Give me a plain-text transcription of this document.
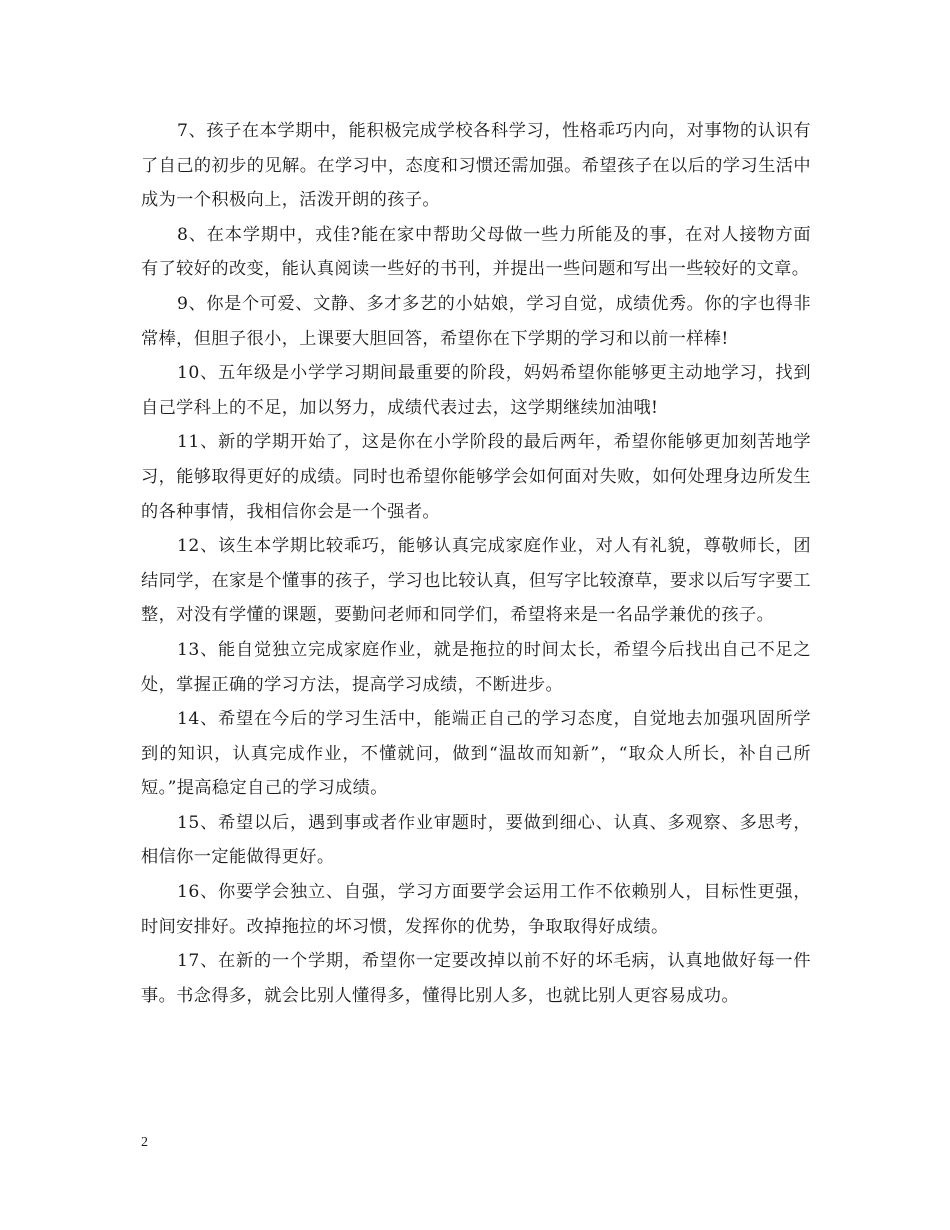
7、孩子在本学期中，能积极完成学校各科学习，性格乖巧内向，对事物的认识有了自己的初步的见解。在学习中，态度和习惯还需加强。希望孩子在以后的学习生活中成为一个积极向上，活泼开朗的孩子。

8、在本学期中，戎佳?能在家中帮助父母做一些力所能及的事，在对人接物方面有了较好的改变，能认真阅读一些好的书刊，并提出一些问题和写出一些较好的文章。

9、你是个可爱、文静、多才多艺的小姑娘，学习自觉，成绩优秀。你的字也得非常棒，但胆子很小，上课要大胆回答，希望你在下学期的学习和以前一样棒!

10、五年级是小学学习期间最重要的阶段，妈妈希望你能够更主动地学习，找到自己学科上的不足，加以努力，成绩代表过去，这学期继续加油哦!

11、新的学期开始了，这是你在小学阶段的最后两年，希望你能够更加刻苦地学习，能够取得更好的成绩。同时也希望你能够学会如何面对失败，如何处理身边所发生的各种事情，我相信你会是一个强者。

12、该生本学期比较乖巧，能够认真完成家庭作业，对人有礼貌，尊敬师长，团结同学，在家是个懂事的孩子，学习也比较认真，但写字比较潦草，要求以后写字要工整，对没有学懂的课题，要勤问老师和同学们，希望将来是一名品学兼优的孩子。

13、能自觉独立完成家庭作业，就是拖拉的时间太长，希望今后找出自己不足之处，掌握正确的学习方法，提高学习成绩，不断进步。

14、希望在今后的学习生活中，能端正自己的学习态度，自觉地去加强巩固所学到的知识，认真完成作业，不懂就问，做到“温故而知新”，“取众人所长，补自己所短。”提高稳定自己的学习成绩。

15、希望以后，遇到事或者作业审题时，要做到细心、认真、多观察、多思考，相信你一定能做得更好。

16、你要学会独立、自强，学习方面要学会运用工作不依赖别人，目标性更强，时间安排好。改掉拖拉的坏习惯，发挥你的优势，争取取得好成绩。

17、在新的一个学期，希望你一定要改掉以前不好的坏毛病，认真地做好每一件事。书念得多，就会比别人懂得多，懂得比别人多，也就比别人更容易成功。

2
